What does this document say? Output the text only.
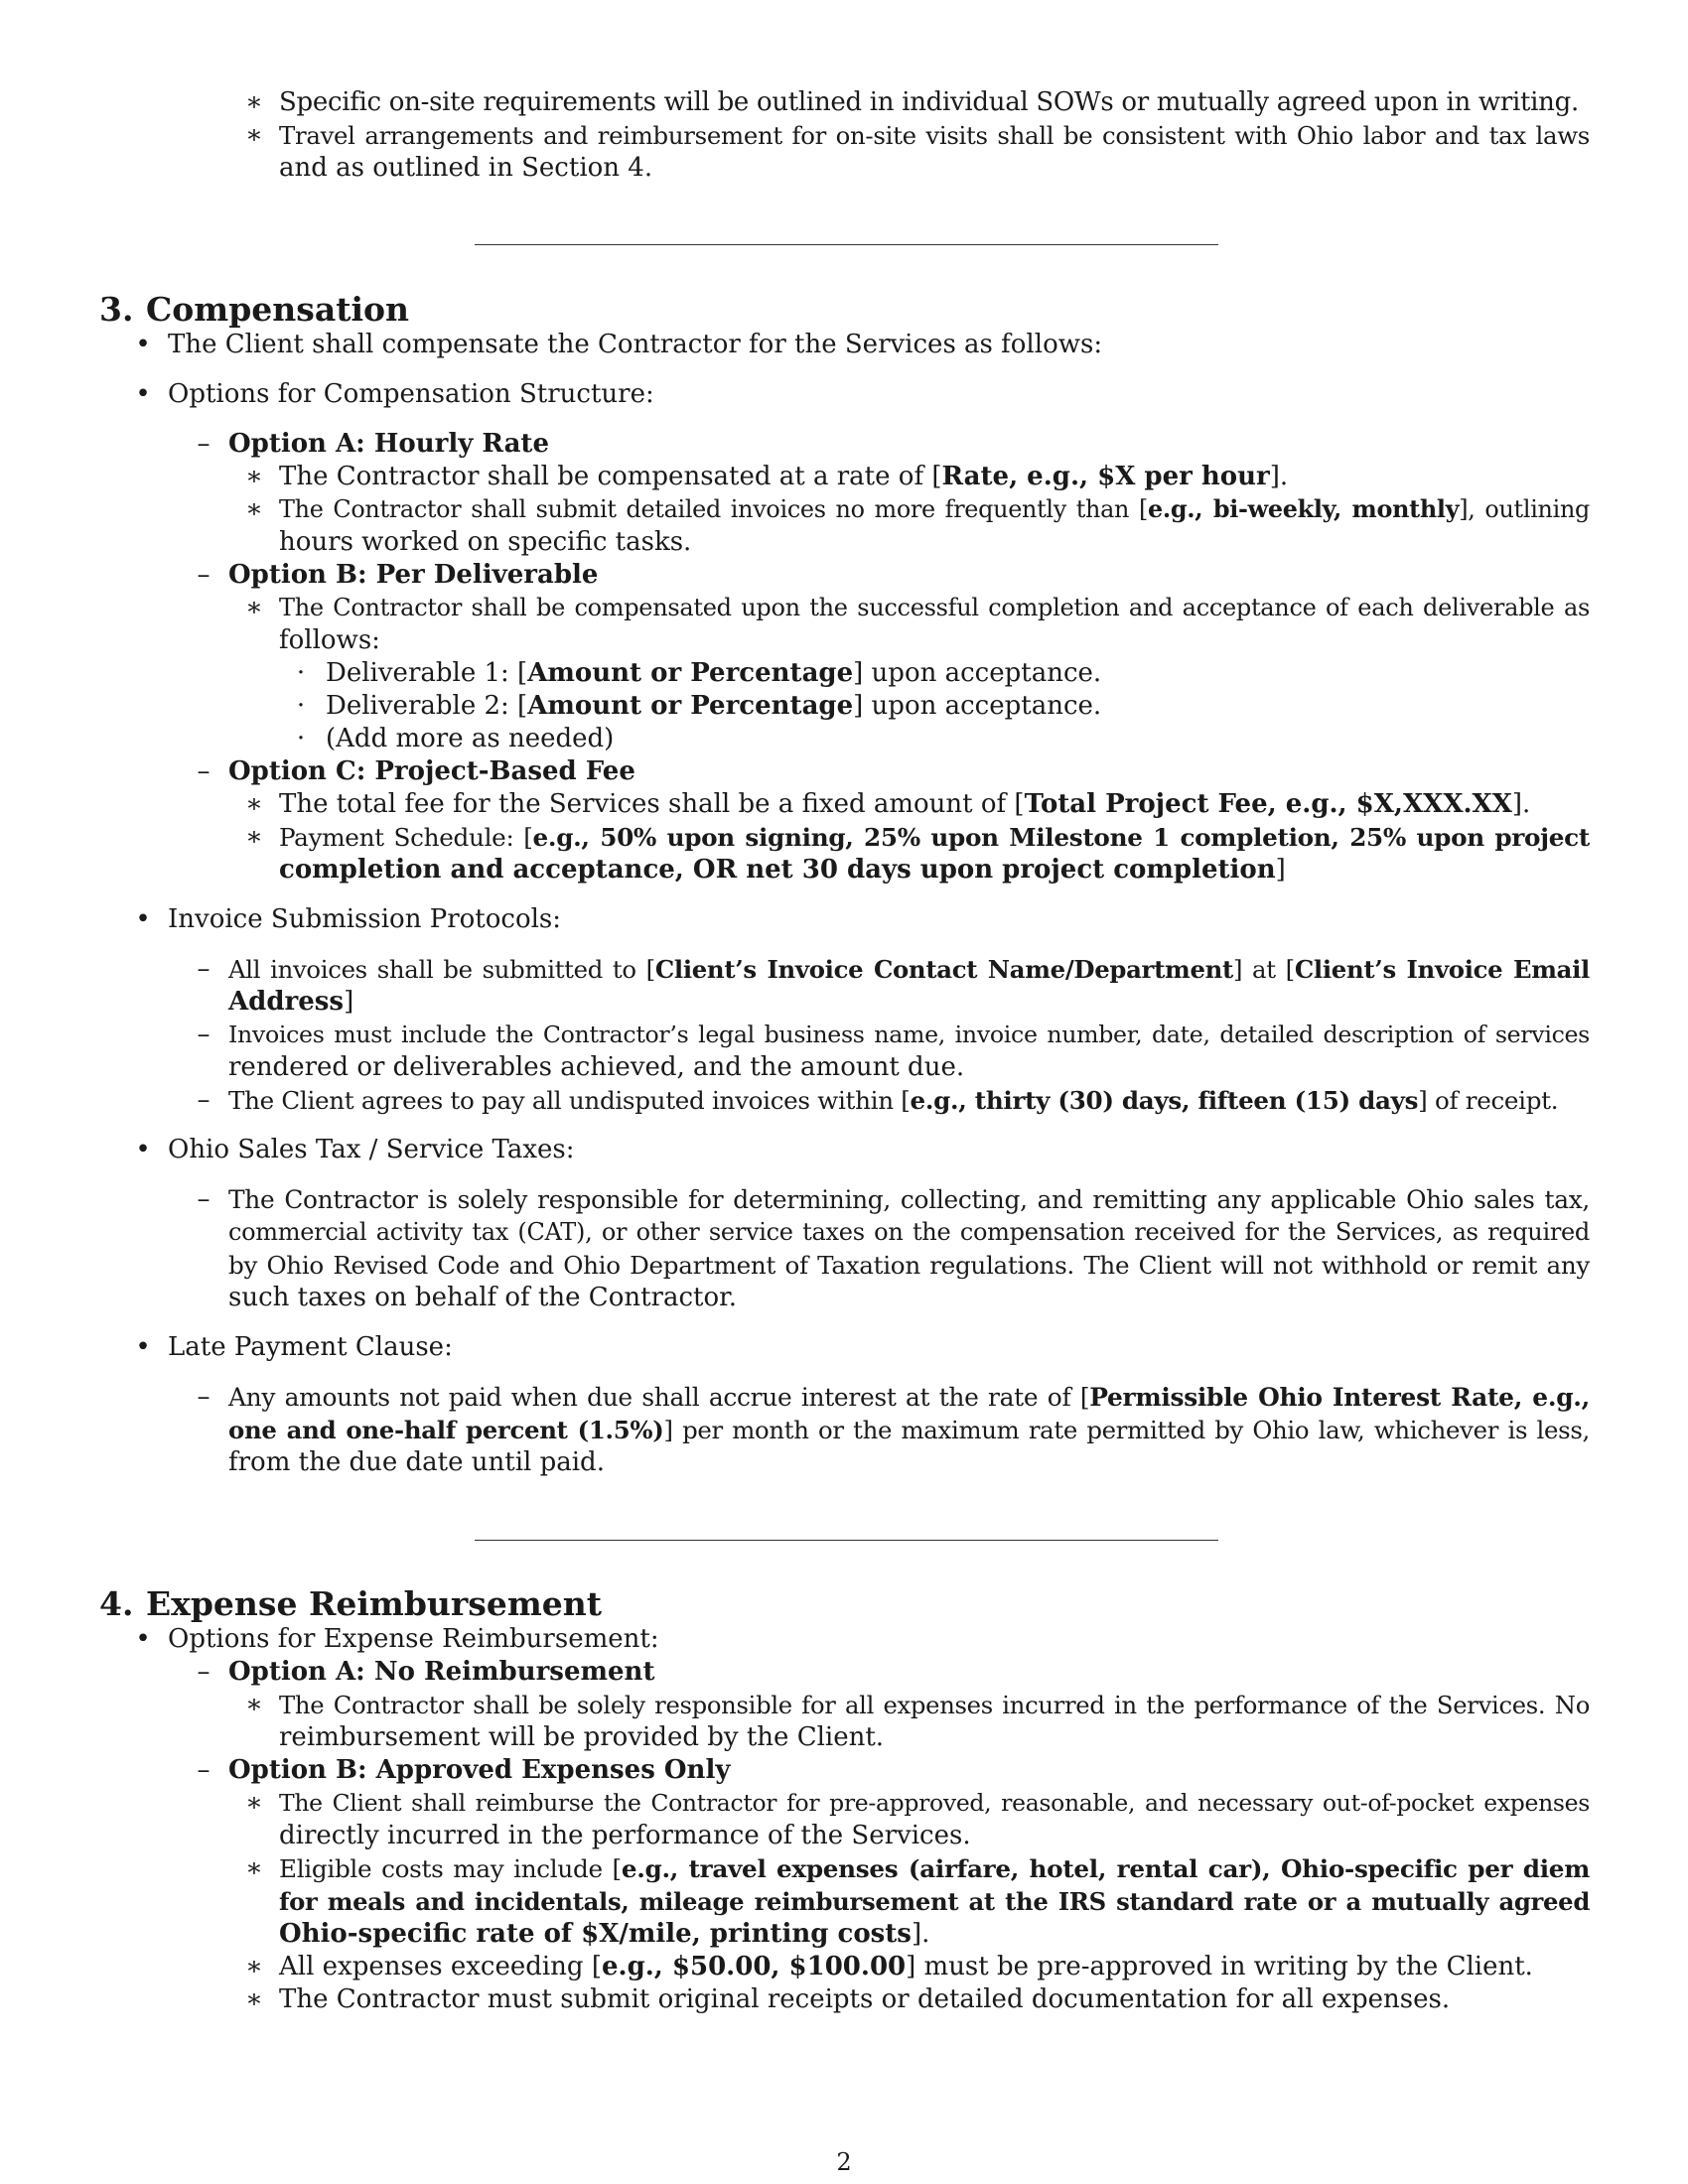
2
3. Compensation
4. Expense Reimbursement
∗ Specific on-site requirements will be outlined in individual SOWs or mutually agreed upon in writing.
∗ Travel arrangements and reimbursement for on-site visits shall be consistent with Ohio labor and tax laws
and as outlined in Section 4.
• The Client shall compensate the Contractor for the Services as follows:
• Options for Compensation Structure:
– Option A: Hourly Rate
∗ The Contractor shall be compensated at a rate of [Rate, e.g., $X per hour].
∗ The Contractor shall submit detailed invoices no more frequently than [e.g., bi-weekly, monthly], outlining
hours worked on specific tasks.
– Option B: Per Deliverable
∗ The Contractor shall be compensated upon the successful completion and acceptance of each deliverable as
follows:
· Deliverable 1: [Amount or Percentage] upon acceptance.
· Deliverable 2: [Amount or Percentage] upon acceptance.
· (Add more as needed)
– Option C: Project-Based Fee
∗ The total fee for the Services shall be a fixed amount of [Total Project Fee, e.g., $X,XXX.XX].
∗ Payment Schedule: [e.g., 50% upon signing, 25% upon Milestone 1 completion, 25% upon project
completion and acceptance, OR net 30 days upon project completion]
• Invoice Submission Protocols:
– All invoices shall be submitted to [Client’s Invoice Contact Name/Department] at [Client’s Invoice Email
Address]
– Invoices must include the Contractor’s legal business name, invoice number, date, detailed description of services
rendered or deliverables achieved, and the amount due.
– The Client agrees to pay all undisputed invoices within [e.g., thirty (30) days, fifteen (15) days] of receipt.
• Ohio Sales Tax / Service Taxes:
– The Contractor is solely responsible for determining, collecting, and remitting any applicable Ohio sales tax,
commercial activity tax (CAT), or other service taxes on the compensation received for the Services, as required
by Ohio Revised Code and Ohio Department of Taxation regulations. The Client will not withhold or remit any
such taxes on behalf of the Contractor.
• Late Payment Clause:
– Any amounts not paid when due shall accrue interest at the rate of [Permissible Ohio Interest Rate, e.g.,
one and one-half percent (1.5%)] per month or the maximum rate permitted by Ohio law, whichever is less,
from the due date until paid.
• Options for Expense Reimbursement:
– Option A: No Reimbursement
∗ The Contractor shall be solely responsible for all expenses incurred in the performance of the Services. No
reimbursement will be provided by the Client.
– Option B: Approved Expenses Only
∗ The Client shall reimburse the Contractor for pre-approved, reasonable, and necessary out-of-pocket expenses
directly incurred in the performance of the Services.
∗ Eligible costs may include [e.g., travel expenses (airfare, hotel, rental car), Ohio-specific per diem
for meals and incidentals, mileage reimbursement at the IRS standard rate or a mutually agreed
Ohio-specific rate of $X/mile, printing costs].
∗ All expenses exceeding [e.g., $50.00, $100.00] must be pre-approved in writing by the Client.
∗ The Contractor must submit original receipts or detailed documentation for all expenses.
